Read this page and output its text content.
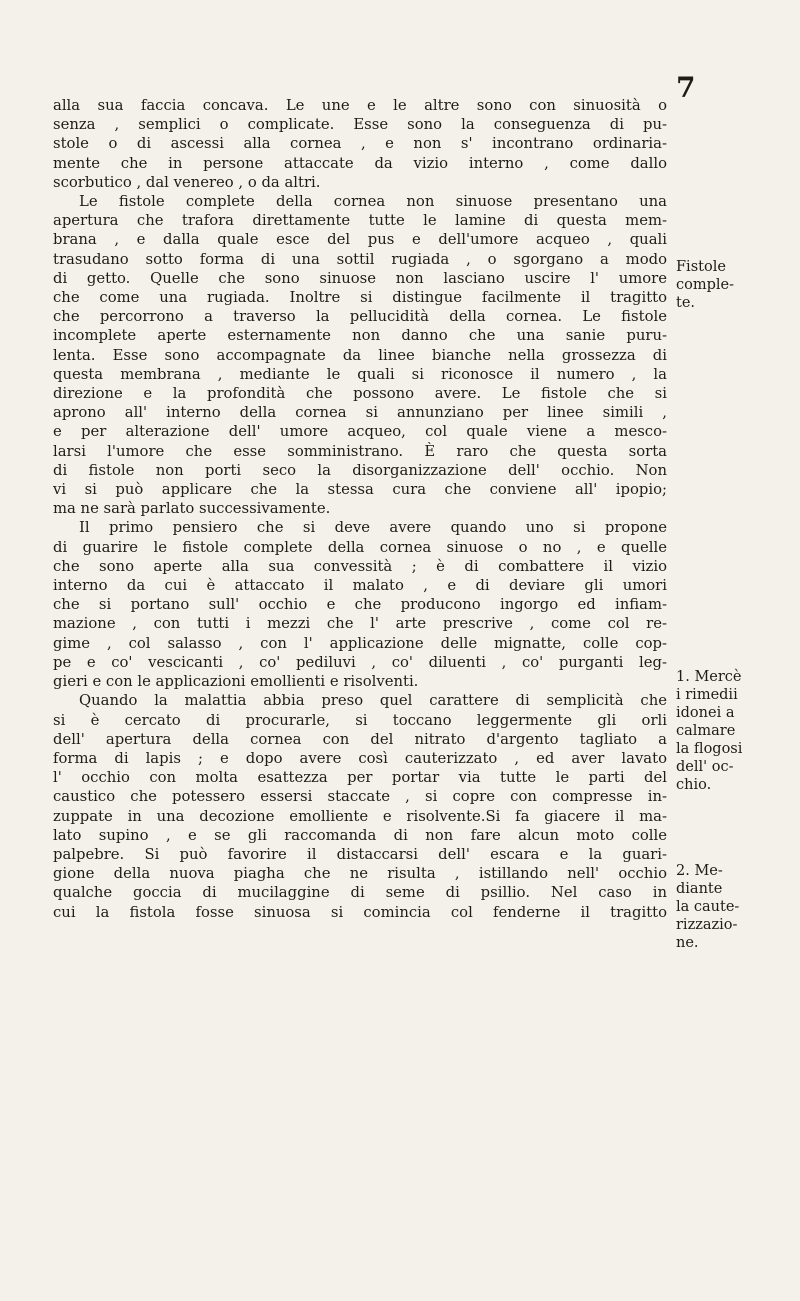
7
alla sua faccia concava. Le une e le altre sono con sinuosità o
senza , semplici o complicate. Esse sono la conseguenza di pu-
stole o di ascessi alla cornea , e non s' incontrano ordinaria-
mente che in persone attaccate da vizio interno , come dallo
scorbutico , dal venereo , o da altri.
Le fistole complete della cornea non sinuose presentano una
apertura che trafora direttamente tutte le lamine di questa mem-
brana , e dalla quale esce del pus e dell'umore acqueo , quali
trasudano sotto forma di una sottil rugiada , o sgorgano a modo
di getto. Quelle che sono sinuose non lasciano uscire l' umore
che come una rugiada. Inoltre si distingue facilmente il tragitto
che percorrono a traverso la pellucidità della cornea. Le fistole
incomplete aperte esternamente non danno che una sanie puru-
lenta. Esse sono accompagnate da linee bianche nella grossezza di
questa membrana , mediante le quali si riconosce il numero , la
direzione e la profondità che possono avere. Le fistole che si
aprono all' interno della cornea si annunziano per linee simili ,
e per alterazione dell' umore acqueo, col quale viene a mesco-
larsi l'umore che esse somministrano. È raro che questa sorta
di fistole non porti seco la disorganizzazione dell' occhio. Non
vi si può applicare che la stessa cura che conviene all' ipopio;
ma ne sarà parlato successivamente.
Il primo pensiero che si deve avere quando uno si propone
di guarire le fistole complete della cornea sinuose o no , e quelle
che sono aperte alla sua convessità ; è di combattere il vizio
interno da cui è attaccato il malato , e di deviare gli umori
che si portano sull' occhio e che producono ingorgo ed infiam-
mazione , con tutti i mezzi che l' arte prescrive , come col re-
gime , col salasso , con l' applicazione delle mignatte, colle cop-
pe e co' vescicanti , co' pediluvi , co' diluenti , co' purganti leg-
gieri e con le applicazioni emollienti e risolventi.
Quando la malattia abbia preso quel carattere di semplicità che
si è cercato di procurarle, si toccano leggermente gli orli
dell' apertura della cornea con del nitrato d'argento tagliato a
forma di lapis ; e dopo avere così cauterizzato , ed aver lavato
l' occhio con molta esattezza per portar via tutte le parti del
caustico che potessero essersi staccate , si copre con compresse in-
zuppate in una decozione emolliente e risolvente.Si fa giacere il ma-
lato supino , e se gli raccomanda di non fare alcun moto colle
palpebre. Si può favorire il distaccarsi dell' escara e la guari-
gione della nuova piagha che ne risulta , istillando nell' occhio
qualche goccia di mucilaggine di seme di psillio. Nel caso in
cui la fistola fosse sinuosa si comincia col fenderne il tragitto
Fistole
comple-
te.
1. Mercè
i rimedii
idonei a
calmare
la flogosi
dell' oc-
chio.
2. Me-
diante
la caute-
rizzazio-
ne.
